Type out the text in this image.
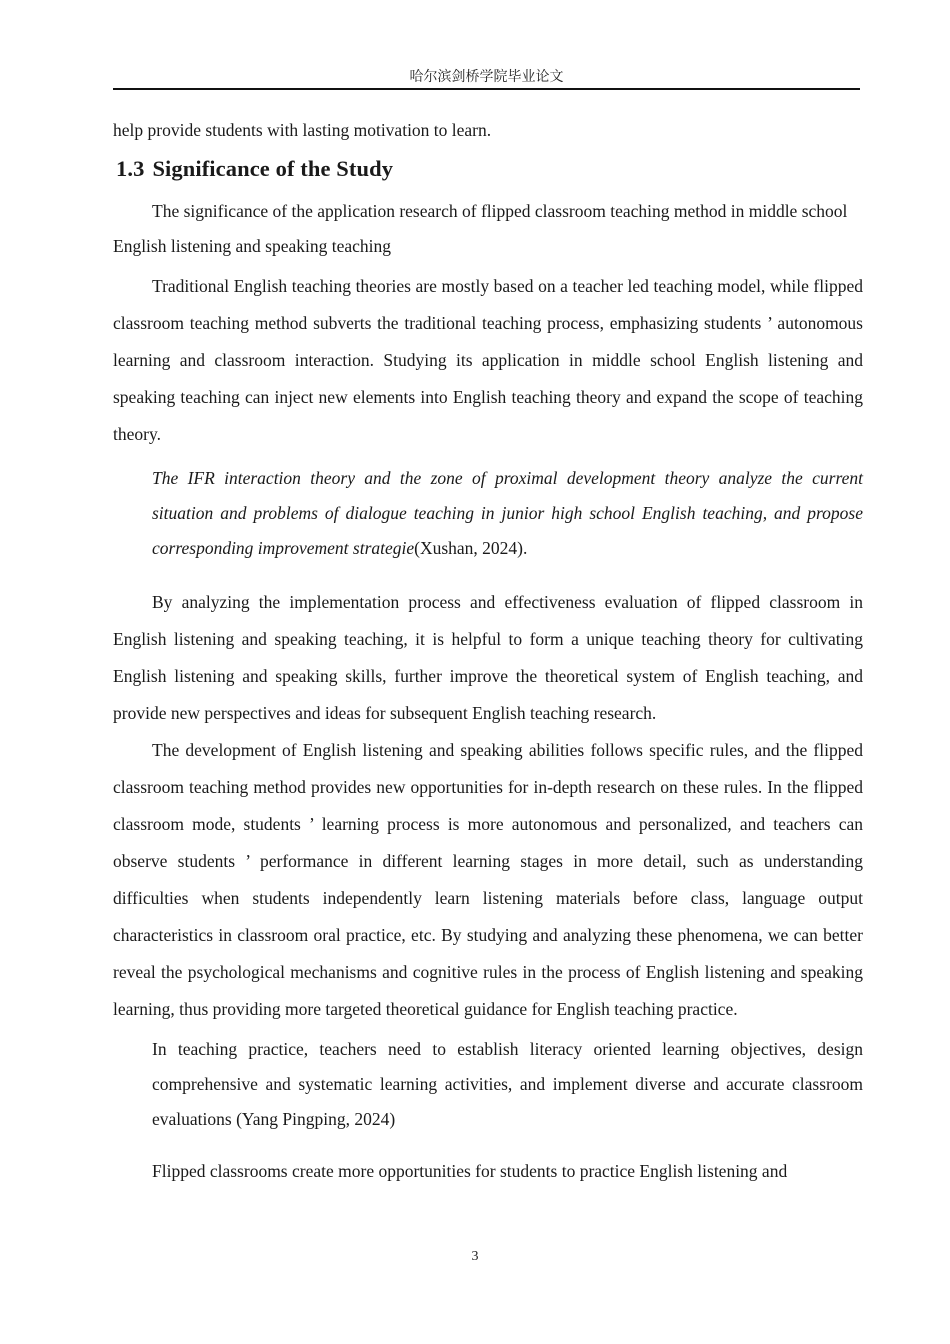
哈尔滨剑桥学院毕业论文

help provide students with lasting motivation to learn.

1.3 Significance of the Study

The significance of the application research of flipped classroom teaching method in middle school English listening and speaking teaching

Traditional English teaching theories are mostly based on a teacher led teaching model, while flipped classroom teaching method subverts the traditional teaching process, emphasizing students ’ autonomous learning and classroom interaction. Studying its application in middle school English listening and speaking teaching can inject new elements into English teaching theory and expand the scope of teaching theory.

The IFR interaction theory and the zone of proximal development theory analyze the current situation and problems of dialogue teaching in junior high school English teaching, and propose corresponding improvement strategie(Xushan, 2024).

By analyzing the implementation process and effectiveness evaluation of flipped classroom in English listening and speaking teaching, it is helpful to form a unique teaching theory for cultivating English listening and speaking skills, further improve the theoretical system of English teaching, and provide new perspectives and ideas for subsequent English teaching research.

The development of English listening and speaking abilities follows specific rules, and the flipped classroom teaching method provides new opportunities for in-depth research on these rules. In the flipped classroom mode, students ’ learning process is more autonomous and personalized, and teachers can observe students ’ performance in different learning stages in more detail, such as understanding difficulties when students independently learn listening materials before class, language output characteristics in classroom oral practice, etc. By studying and analyzing these phenomena, we can better reveal the psychological mechanisms and cognitive rules in the process of English listening and speaking learning, thus providing more targeted theoretical guidance for English teaching practice.

In teaching practice, teachers need to establish literacy oriented learning objectives, design comprehensive and systematic learning activities, and implement diverse and accurate classroom evaluations (Yang Pingping, 2024)

Flipped classrooms create more opportunities for students to practice English listening and

3
